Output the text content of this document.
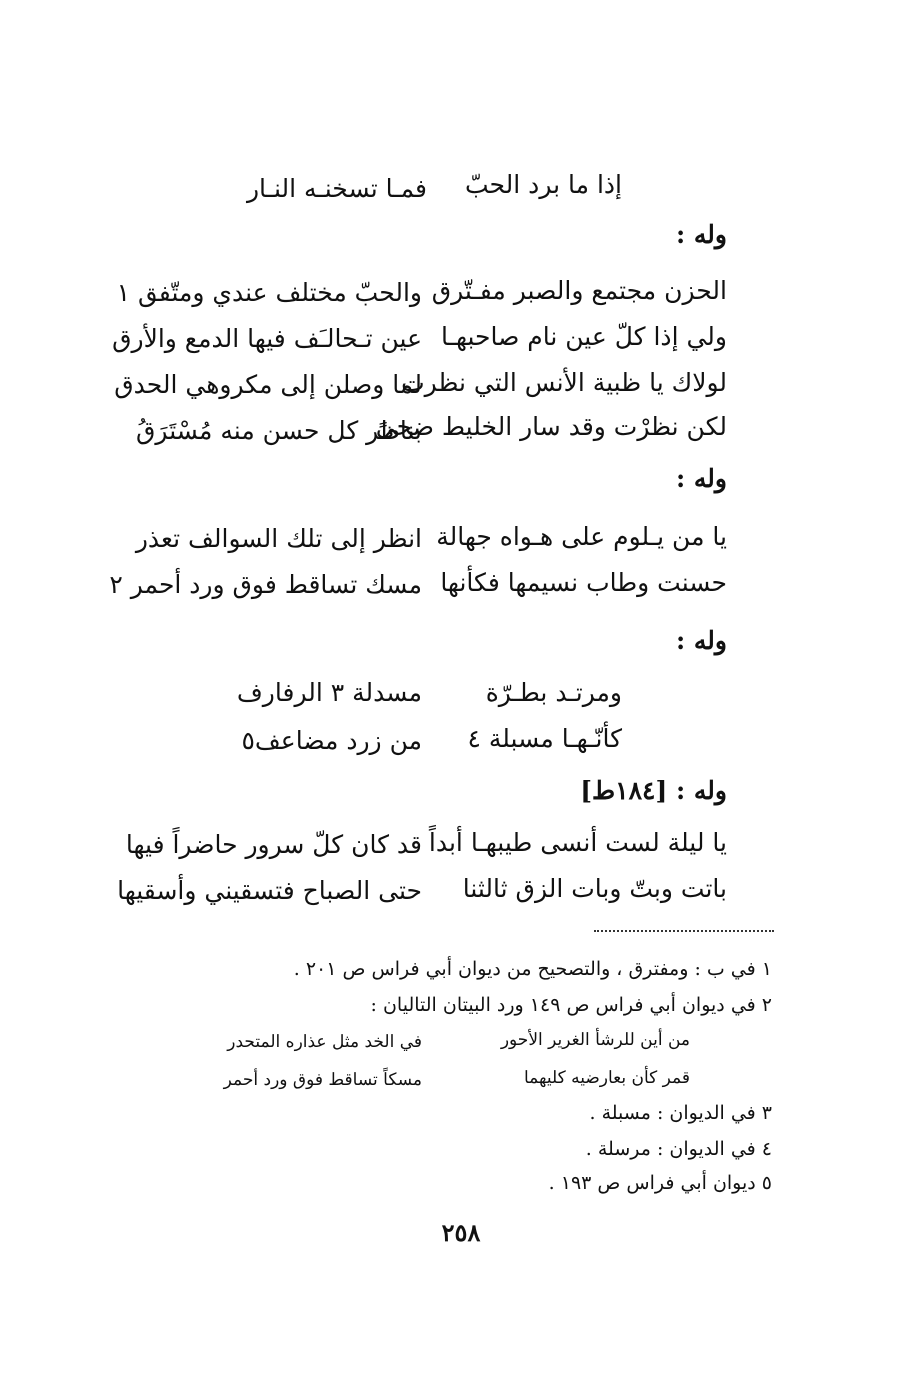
إذا ما برد الحبّ
فمـا تسخنـه النـار
وله :
الحزن مجتمع والصبر مفـتّرق
والحبّ مختلف عندي ومتّفق ١
ولي إذا كلّ عين نام صاحبهـا
عين تـحالـَف فيها الدمع والأرق
لولاك يا ظبية الأنس التي نظرت
لما وصلن إلى مكروهي الحدق
لكن نظرْت وقد سار الخليط ضحىً
بناظر كل حسن منه مُسْتَرَقُ
وله :
يا من يـلوم على هـواه جهالة
انظر إلى تلك السوالف تعذر
حسنت وطاب نسيمها فكأنها
مسك تساقط فوق ورد أحمر ٢
وله :
ومرتـد بطـرّة
مسدلة ٣ الرفارف
كأنّـهـا مسبلة ٤
من زرد مضاعف٥
وله : [١٨٤ط]
يا ليلة لست أنسى طيبهـا أبداً
قد كان كلّ سرور حاضراً فيها
باتت وبتّ وبات الزق ثالثنا
حتى الصباح فتسقيني وأسقيها
١ في ب : ومفترق ، والتصحيح من ديوان أبي فراس ص ٢٠١ .
٢ في ديوان أبي فراس ص ١٤٩ ورد البيتان التاليان :
من أين للرشأ الغرير الأحور
في الخد مثل عذاره المتحدر
قمر كأن بعارضيه كليهما
مسكاً تساقط فوق ورد أحمر
٣ في الديوان : مسبلة .
٤ في الديوان : مرسلة .
٥ ديوان أبي فراس ص ١٩٣ .
٢٥٨
